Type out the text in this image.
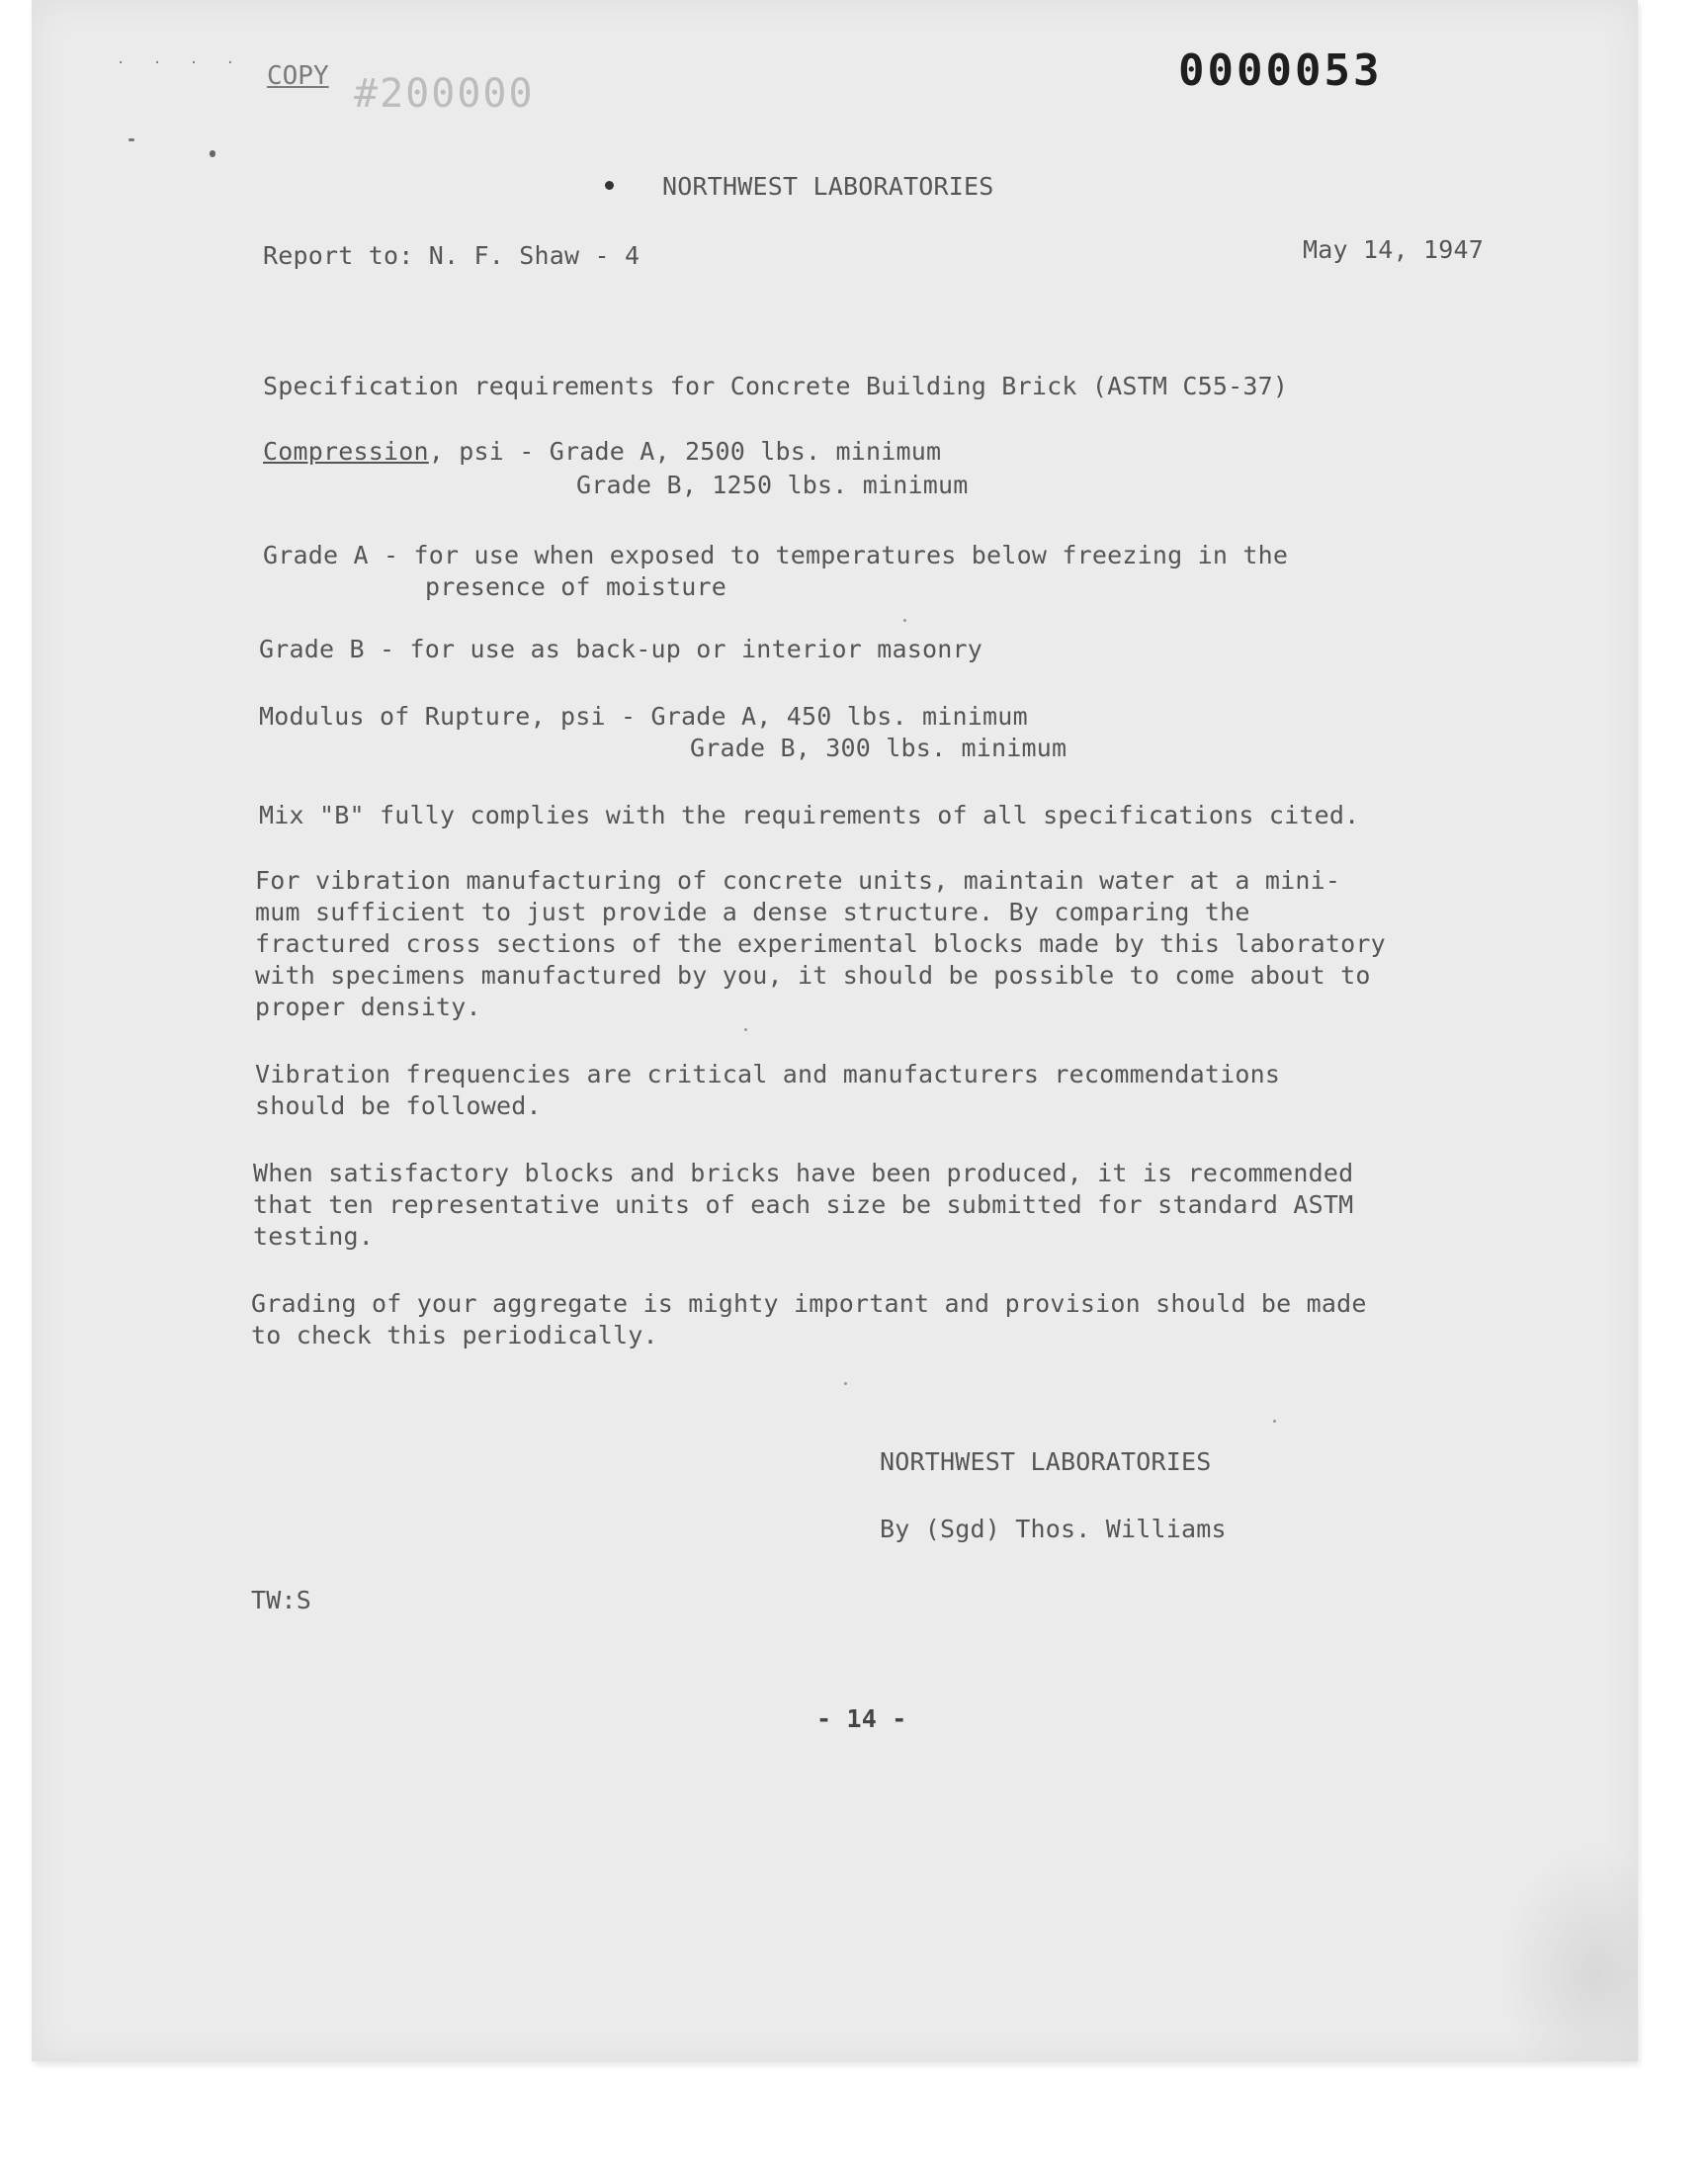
. . . .
COPY #200000	0000053

NORTHWEST LABORATORIES

Report to: N. F. Shaw - 4	May 14, 1947

Specification requirements for Concrete Building Brick (ASTM C55-37)

Compression, psi - Grade A, 2500 lbs. minimum

Grade B, 1250 lbs. minimum

Grade A - for use when exposed to temperatures below freezing in the

presence of moisture

Grade B - for use as back-up or interior masonry

Modulus of Rupture, psi - Grade A, 450 lbs. minimum

Grade B, 300 lbs. minimum

Mix "B" fully complies with the requirements of all specifications cited.

For vibration manufacturing of concrete units, maintain water at a mini-

mum sufficient to just provide a dense structure. By comparing the

fractured cross sections of the experimental blocks made by this laboratory

with specimens manufactured by you, it should be possible to come about to

proper density.

Vibration frequencies are critical and manufacturers recommendations

should be followed.

When satisfactory blocks and bricks have been produced, it is recommended

that ten representative units of each size be submitted for standard ASTM

testing.

Grading of your aggregate is mighty important and provision should be made

to check this periodically.

NORTHWEST LABORATORIES

By (Sgd) Thos. Williams

TW:S

- 14 -
